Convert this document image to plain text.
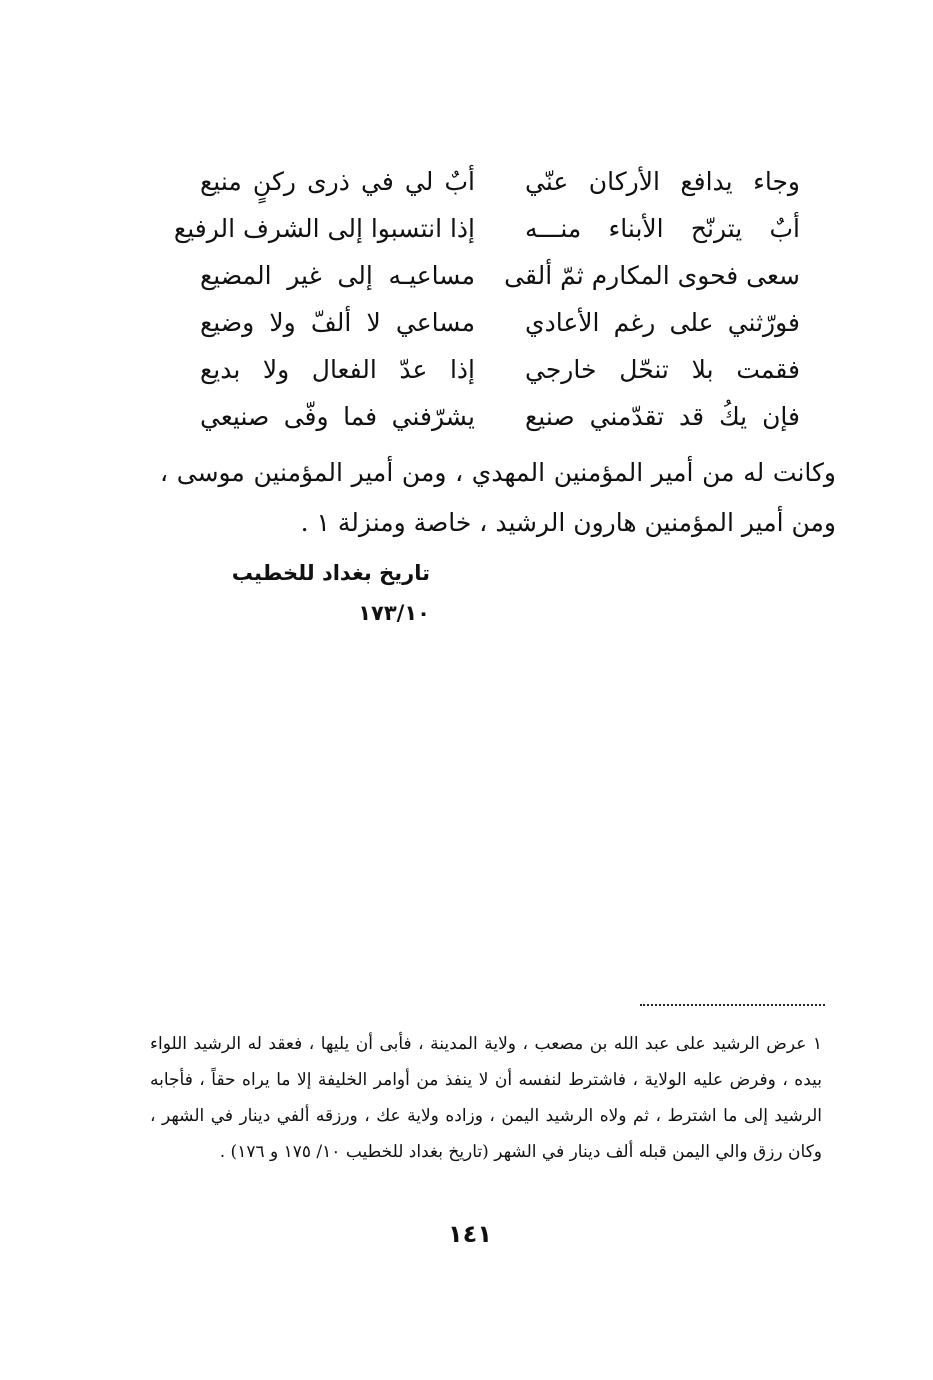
وجاء يدافع الأركان عنّي
أبٌ لي في ذرى ركنٍ منيع
أبٌ يترنّح الأبناء منـــه
إذا انتسبوا إلى الشرف الرفيع
سعى فحوى المكارم ثمّ ألقى
مساعيـه إلى غير المضيع
فورّثني على رغم الأعادي
مساعي لا ألفّ ولا وضيع
فقمت بلا تنحّل خارجي
إذا عدّ الفعال ولا بديع
فإن يكُ قد تقدّمني صنيع
يشرّفني فما وفّى صنيعي

وكانت له من أمير المؤمنين المهدي ، ومن أمير المؤمنين موسى ، ومن أمير المؤمنين هارون الرشيد ، خاصة ومنزلة ١ .

تاريخ بغداد للخطيب ١٧٣/١٠

١ عرض الرشيد على عبد الله بن مصعب ، ولاية المدينة ، فأبى أن يليها ، فعقد له الرشيد اللواء بيده ، وفرض عليه الولاية ، فاشترط لنفسه أن لا ينفذ من أوامر الخليفة إلا ما يراه حقاً ، فأجابه الرشيد إلى ما اشترط ، ثم ولاه الرشيد اليمن ، وزاده ولاية عك ، ورزقه ألفي دينار في الشهر ، وكان رزق والي اليمن قبله ألف دينار في الشهر (تاريخ بغداد للخطيب ١٠/ ١٧٥ و ١٧٦) .

١٤١
